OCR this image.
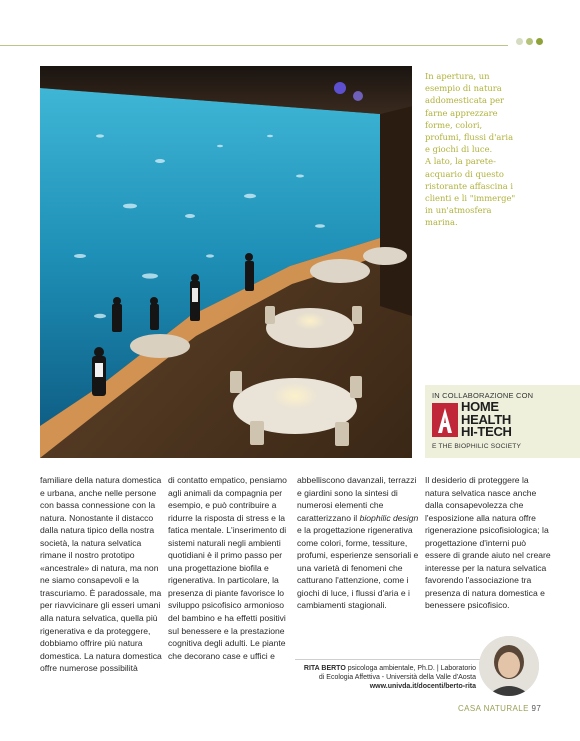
In apertura, un
esempio di natura
addomesticata per
farne apprezzare
forme, colori,
profumi, flussi d'aria
e giochi di luce.
A lato, la parete-
acquario di questo
ristorante affascina i
clienti e li "immerge"
in un'atmosfera
marina.
IN COLLABORAZIONE CON
HOME
HEALTH
HI-TECH
E THE BIOPHILIC SOCIETY

familiare della natura domestica e urbana, anche nelle persone con bassa connessione con la natura. Nonostante il distacco dalla natura tipico della nostra società, la natura selvatica rimane il nostro prototipo «ancestrale» di natura, ma non ne siamo consapevoli e la trascuriamo. È paradossale, ma per riavvicinare gli esseri umani alla natura selvatica, quella più rigenerativa e da proteggere, dobbiamo offrire più natura domestica. La natura domestica offre numerose possibilità

di contatto empatico, pensiamo agli animali da compagnia per esempio, e può contribuire a ridurre la risposta di stress e la fatica mentale. L'inserimento di sistemi naturali negli ambienti quotidiani è il primo passo per una progettazione biofila e rigenerativa. In particolare, la presenza di piante favorisce lo sviluppo psicofisico armonioso del bambino e ha effetti positivi sul benessere e la prestazione cognitiva degli adulti. Le piante che decorano case e uffici e

abbelliscono davanzali, terrazzi e giardini sono la sintesi di numerosi elementi che caratterizzano il biophilic design e la progettazione rigenerativa come colori, forme, tessiture, profumi, esperienze sensoriali e una varietà di fenomeni che catturano l'attenzione, come i giochi di luce, i flussi d'aria e i cambiamenti stagionali.

Il desiderio di proteggere la natura selvatica nasce anche dalla consapevolezza che l'esposizione alla natura offre rigenerazione psicofisiologica; la progettazione d'interni può essere di grande aiuto nel creare interesse per la natura selvatica favorendo l'associazione tra presenza di natura domestica e benessere psicofisico.

RITA BERTO psicologa ambientale, Ph.D. | Laboratorio
di Ecologia Affettiva - Università della Valle d'Aosta
www.univda.it/docenti/berto-rita
CASA NATURALE 97
